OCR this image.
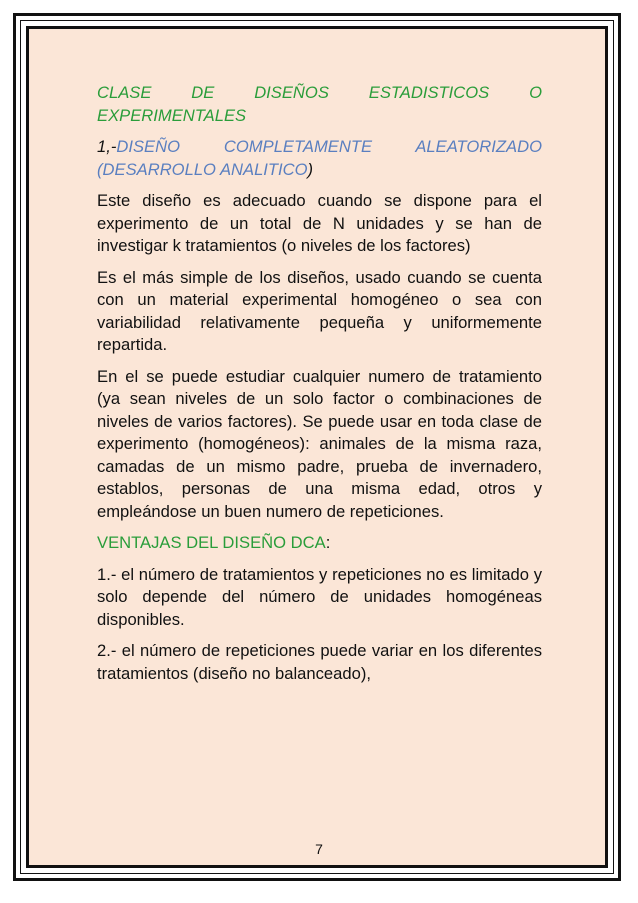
CLASE DE DISEÑOS ESTADISTICOS O EXPERIMENTALES

1,-DISEÑO COMPLETAMENTE ALEATORIZADO (DESARROLLO ANALITICO)

Este diseño es adecuado cuando se dispone para el experimento de un total de N unidades y se han de investigar k tratamientos (o niveles de los factores)

Es el más simple de los diseños, usado cuando se cuenta con un material experimental homogéneo o sea con variabilidad relativamente pequeña y uniformemente repartida.

En el se puede estudiar cualquier numero de tratamiento (ya sean niveles de un solo factor o combinaciones de niveles de varios factores). Se puede usar en toda clase de experimento (homogéneos): animales de la misma raza, camadas de un mismo padre, prueba de invernadero, establos, personas de una misma edad, otros y empleándose un buen numero de repeticiones.

VENTAJAS DEL DISEÑO DCA:

1.- el número de tratamientos y repeticiones no es limitado y solo depende del número de unidades homogéneas disponibles.

2.- el número de repeticiones puede variar en los diferentes tratamientos (diseño no balanceado),

7
